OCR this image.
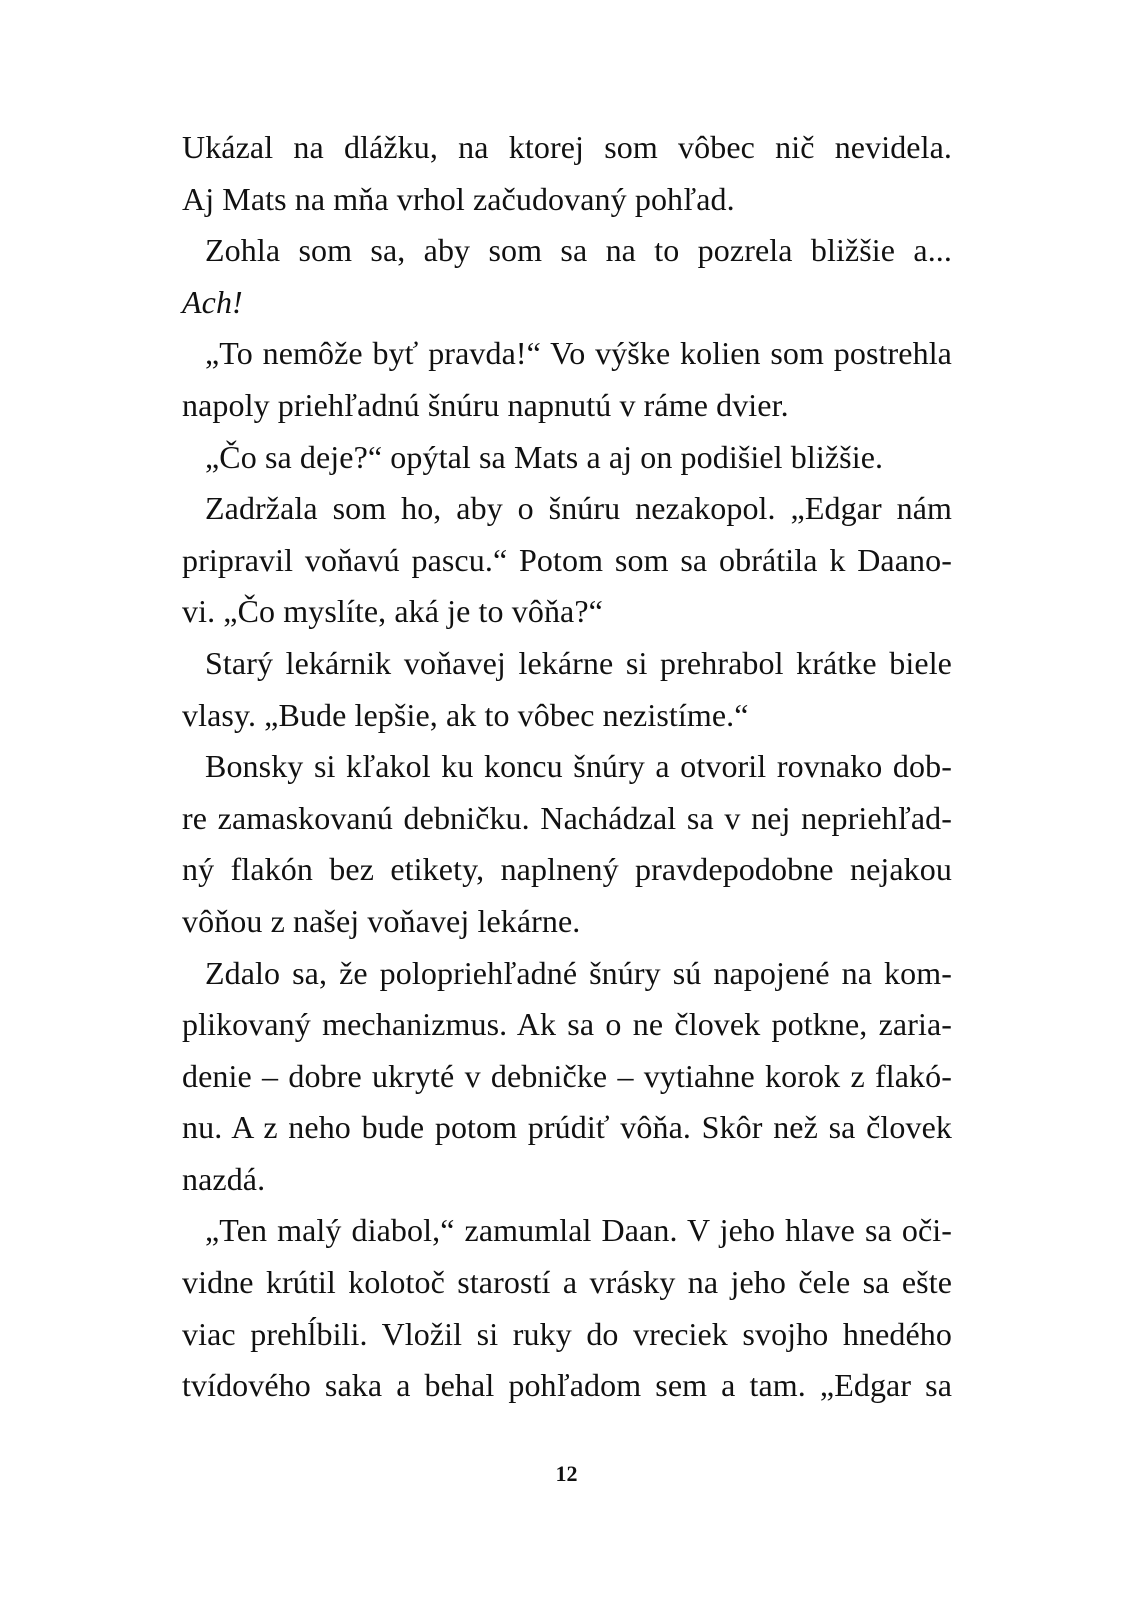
Ukázal na dlážku, na ktorej som vôbec nič nevidela.
Aj Mats na mňa vrhol začudovaný pohľad.
Zohla som sa, aby som sa na to pozrela bližšie a...
Ach!
„To nemôže byť pravda!“ Vo výške kolien som postrehla
napoly priehľadnú šnúru napnutú v ráme dvier.
„Čo sa deje?“ opýtal sa Mats a aj on podišiel bližšie.
Zadržala som ho, aby o šnúru nezakopol. „Edgar nám
pripravil voňavú pascu.“ Potom som sa obrátila k Daano-
vi. „Čo myslíte, aká je to vôňa?“
Starý lekárnik voňavej lekárne si prehrabol krátke biele
vlasy. „Bude lepšie, ak to vôbec nezistíme.“
Bonsky si kľakol ku koncu šnúry a otvoril rovnako dob-
re zamaskovanú debničku. Nachádzal sa v nej nepriehľad-
ný flakón bez etikety, naplnený pravdepodobne nejakou
vôňou z našej voňavej lekárne.
Zdalo sa, že polopriehľadné šnúry sú napojené na kom-
plikovaný mechanizmus. Ak sa o ne človek potkne, zaria-
denie – dobre ukryté v debničke – vytiahne korok z flakó-
nu. A z neho bude potom prúdiť vôňa. Skôr než sa človek
nazdá.
„Ten malý diabol,“ zamumlal Daan. V jeho hlave sa oči-
vidne krútil kolotoč starostí a vrásky na jeho čele sa ešte
viac prehĺbili. Vložil si ruky do vreciek svojho hnedého
tvídového saka a behal pohľadom sem a tam. „Edgar sa
12
